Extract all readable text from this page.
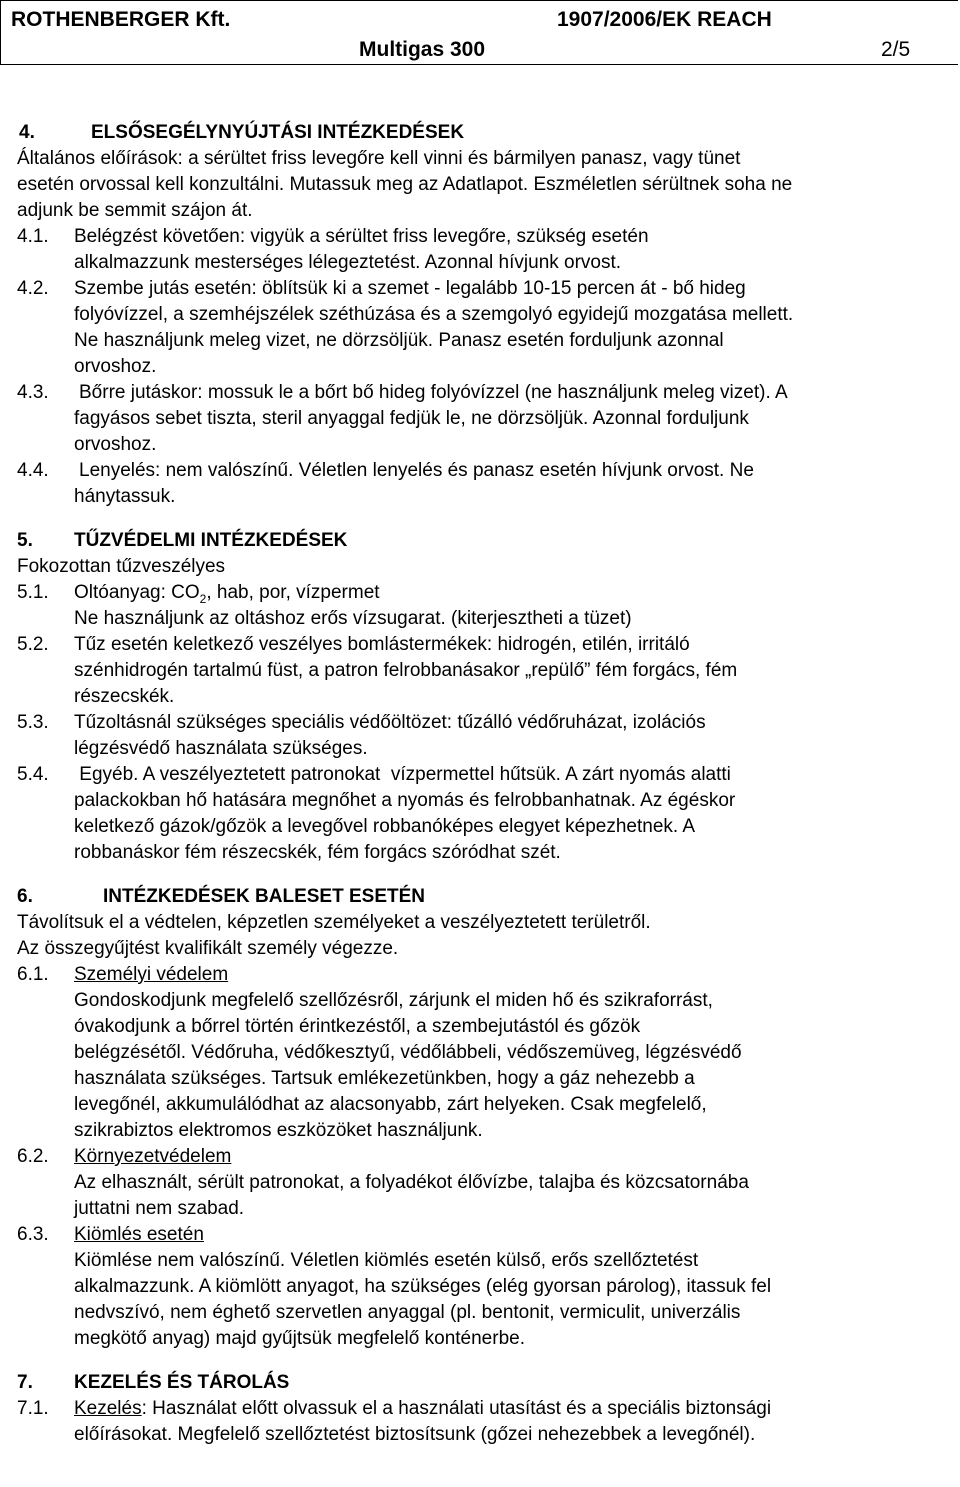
ROTHENBERGER Kft.	1907/2006/EK REACH
Multigas 300	2/5
4.	ELSŐSEGÉLYNYÚJTÁSI INTÉZKEDÉSEK
Általános előírások: a sérültet friss levegőre kell vinni és bármilyen panasz, vagy tünet
esetén orvossal kell konzultálni. Mutassuk meg az Adatlapot. Eszméletlen sérültnek soha ne
adjunk be semmit szájon át.
4.1. Belégzést követően: vigyük a sérültet friss levegőre, szükség esetén
alkalmazzunk mesterséges lélegeztetést. Azonnal hívjunk orvost.
4.2. Szembe jutás esetén: öblítsük ki a szemet - legalább 10-15 percen át - bő hideg
folyóvízzel, a szemhéjszélek széthúzása és a szemgolyó egyidejű mozgatása mellett.
Ne használjunk meleg vizet, ne dörzsöljük. Panasz esetén forduljunk azonnal
orvoshoz.
4.3. Bőrre jutáskor: mossuk le a bőrt bő hideg folyóvízzel (ne használjunk meleg vizet). A
fagyásos sebet tiszta, steril anyaggal fedjük le, ne dörzsöljük. Azonnal forduljunk
orvoshoz.
4.4. Lenyelés: nem valószínű. Véletlen lenyelés és panasz esetén hívjunk orvost. Ne
hánytassuk.
5. TŰZVÉDELMI INTÉZKEDÉSEK
Fokozottan tűzveszélyes
5.1. Oltóanyag: $CO_2$, hab, por, vízpermet
Ne használjunk az oltáshoz erős vízsugarat. (kiterjesztheti a tüzet)
5.2. Tűz esetén keletkező veszélyes bomlástermékek: hidrogén, etilén, irritáló
szénhidrogén tartalmú füst, a patron felrobbanásakor „repülő” fém forgács, fém
részecskék.
5.3. Tűzoltásnál szükséges speciális védőöltözet: tűzálló védőruházat, izolációs
légzésvédő használata szükséges.
5.4. Egyéb. A veszélyeztetett patronokat  vízpermettel hűtsük. A zárt nyomás alatti
palackokban hő hatására megnőhet a nyomás és felrobbanhatnak. Az égéskor
keletkező gázok/gőzök a levegővel robbanóképes elegyet képezhetnek. A
robbanáskor fém részecskék, fém forgács szóródhat szét.
6.	INTÉZKEDÉSEK BALESET ESETÉN
Távolítsuk el a védtelen, képzetlen személyeket a veszélyeztetett területről.
Az összegyűjtést kvalifikált személy végezze.
6.1. Személyi védelem
Gondoskodjunk megfelelő szellőzésről, zárjunk el miden hő és szikraforrást,
óvakodjunk a bőrrel történ érintkezéstől, a szembejutástól és gőzök
belégzésétől. Védőruha, védőkesztyű, védőlábbeli, védőszemüveg, légzésvédő
használata szükséges. Tartsuk emlékezetünkben, hogy a gáz nehezebb a
levegőnél, akkumulálódhat az alacsonyabb, zárt helyeken. Csak megfelelő,
szikrabiztos elektromos eszközöket használjunk.
6.2. Környezetvédelem
Az elhasznált, sérült patronokat, a folyadékot élővízbe, talajba és közcsatornába
juttatni nem szabad.
6.3. Kiömlés esetén
Kiömlése nem valószínű. Véletlen kiömlés esetén külső, erős szellőztetést
alkalmazzunk. A kiömlött anyagot, ha szükséges (elég gyorsan párolog), itassuk fel
nedvszívó, nem éghető szervetlen anyaggal (pl. bentonit, vermiculit, univerzális
megkötő anyag) majd gyűjtsük megfelelő konténerbe.
7. KEZELÉS ÉS TÁROLÁS
7.1. Kezelés: Használat előtt olvassuk el a használati utasítást és a speciális biztonsági
előírásokat. Megfelelő szellőztetést biztosítsunk (gőzei nehezebbek a levegőnél).
